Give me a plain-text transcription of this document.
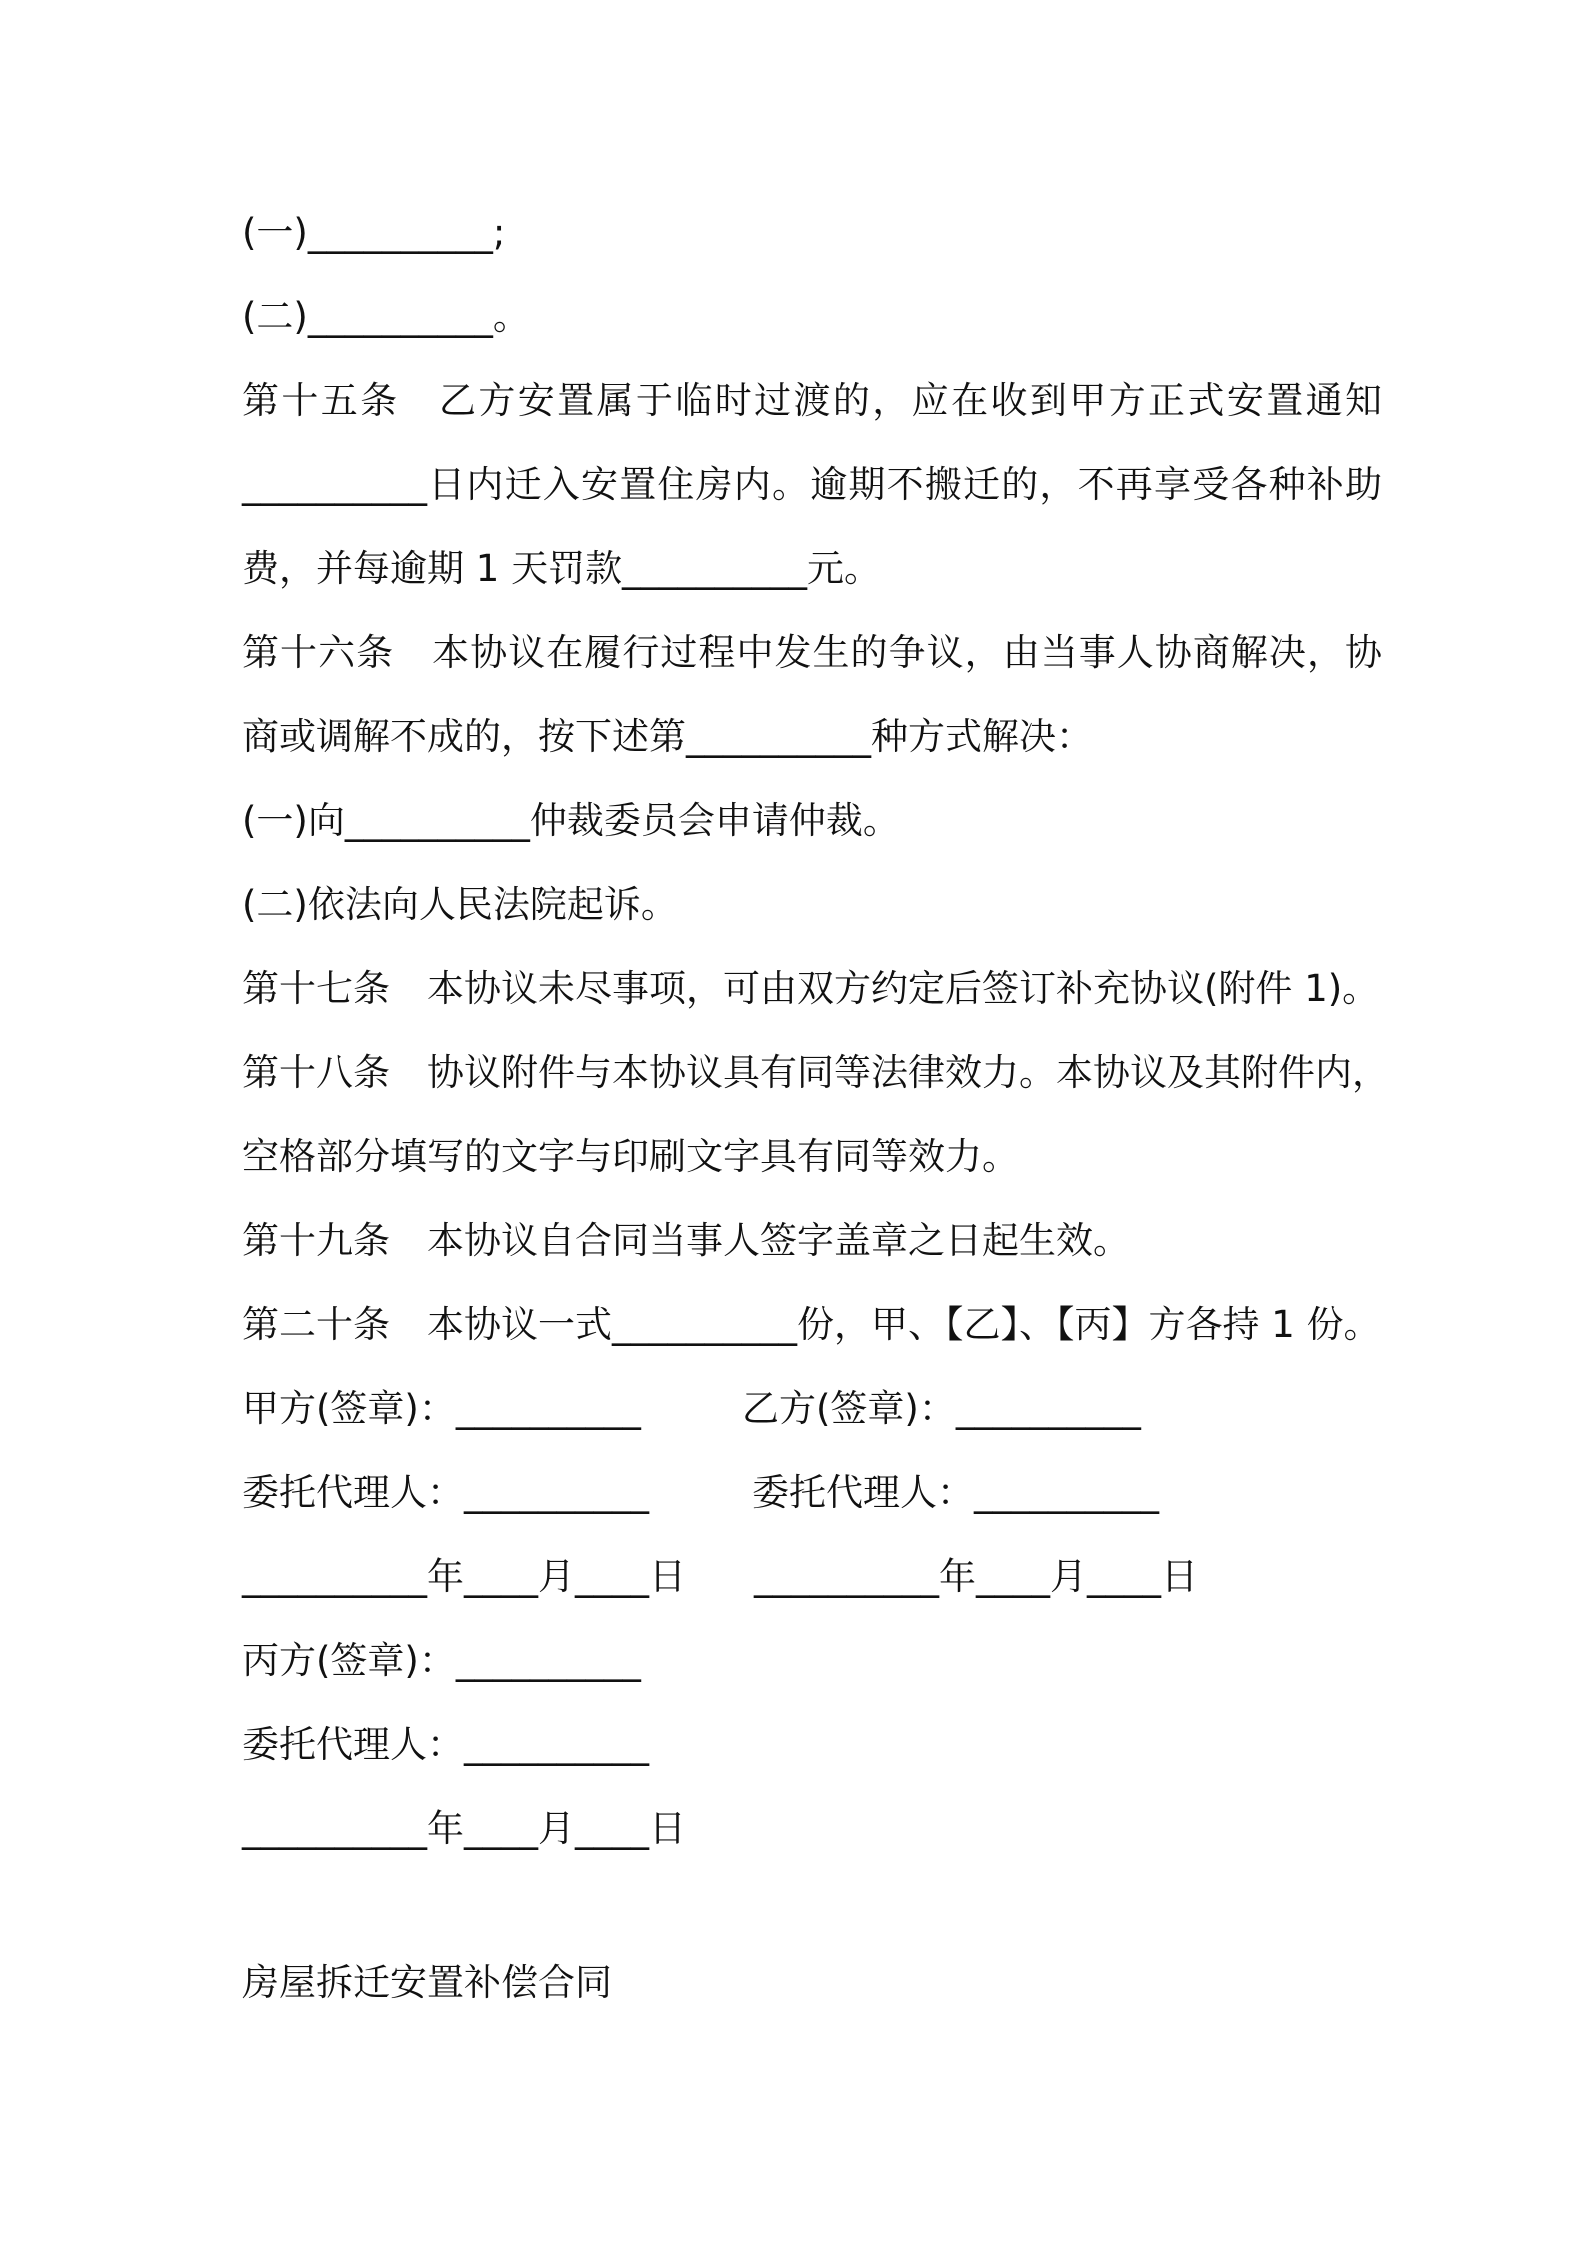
(一)__________;
(二)__________。
第十五条　乙方安置属于临时过渡的，应在收到甲方正式安置通知
__________日内迁入安置住房内。逾期不搬迁的，不再享受各种补助
费，并每逾期 1 天罚款__________元。
第十六条　本协议在履行过程中发生的争议，由当事人协商解决，协
商或调解不成的，按下述第__________种方式解决：
(一)向__________仲裁委员会申请仲裁。
(二)依法向人民法院起诉。
第十七条　本协议未尽事项，可由双方约定后签订补充协议(附件 1)。
第十八条　协议附件与本协议具有同等法律效力。本协议及其附件内，
空格部分填写的文字与印刷文字具有同等效力。
第十九条　本协议自合同当事人签字盖章之日起生效。
第二十条　本协议一式__________份，甲、【乙】、【丙】方各持 1 份。
甲方(签章)：__________	乙方(签章)：__________
委托代理人：__________	委托代理人：__________
__________年____月____日 __________年____月____日
丙方(签章)：__________
委托代理人：__________
__________年____月____日
房屋拆迁安置补偿合同
